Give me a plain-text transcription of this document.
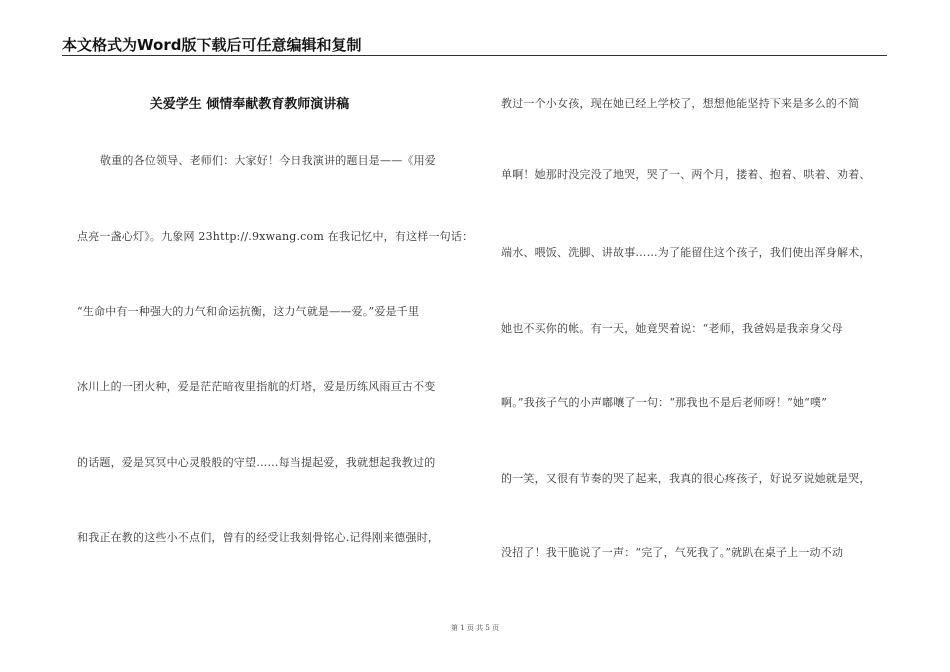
本文格式为Word版下载后可任意编辑和复制
关爱学生 倾情奉献教育教师演讲稿
敬重的各位领导、老师们：大家好！今日我演讲的题目是——《用爱
点亮一盏心灯》。九象网 23http://.9xwang.com 在我记忆中，有这样一句话：
“生命中有一种强大的力气和命运抗衡，这力气就是——爱。”爱是千里
冰川上的一团火种，爱是茫茫暗夜里指航的灯塔，爱是历练风雨亘古不变
的话题，爱是冥冥中心灵般般的守望……每当提起爱，我就想起我教过的
和我正在教的这些小不点们，曾有的经受让我刻骨铭心.记得刚来德强时，
教过一个小女孩，现在她已经上学校了，想想他能坚持下来是多么的不简
单啊！她那时没完没了地哭，哭了一、两个月，搂着、抱着、哄着、劝着、
端水、喂饭、洗脚、讲故事……为了能留住这个孩子，我们使出浑身解术，
她也不买你的帐。有一天，她竟哭着说：“老师，我爸妈是我亲身父母
啊。”我孩子气的小声嘟嚷了一句：“那我也不是后老师呀！”她“噗”
的一笑，又很有节奏的哭了起来，我真的很心疼孩子，好说歹说她就是哭，
没招了！我干脆说了一声：“完了，气死我了。”就趴在桌子上一动不动
第 1 页 共 5 页
